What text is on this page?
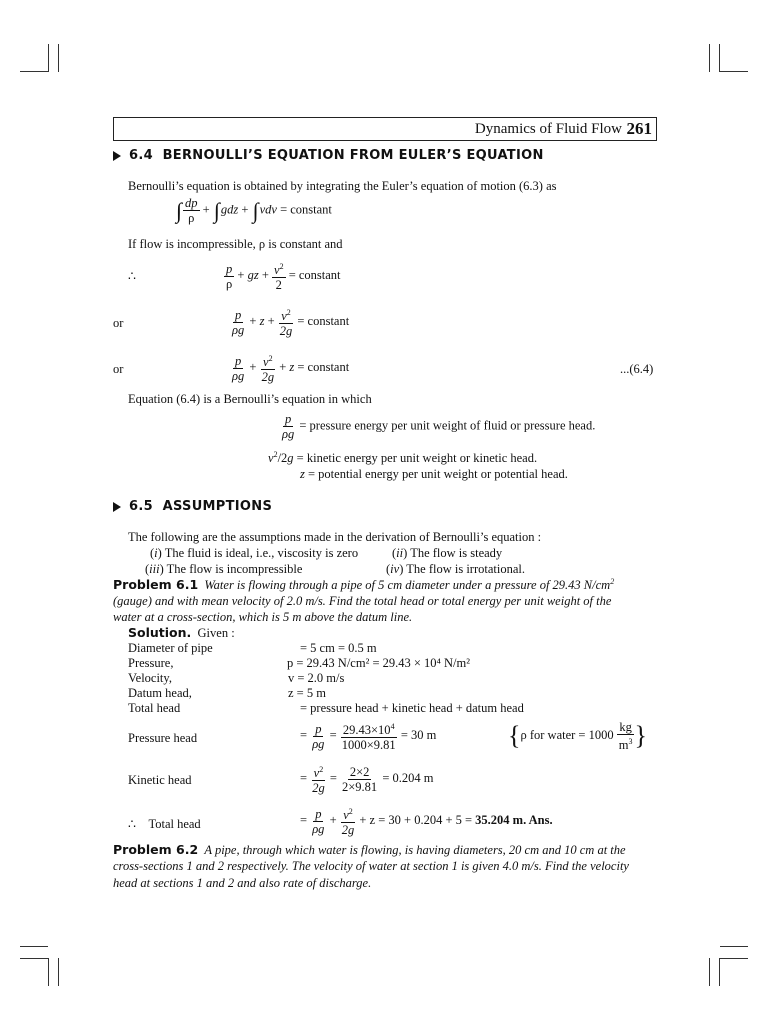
Dynamics of Fluid Flow 261
6.4 BERNOULLI’S EQUATION FROM EULER’S EQUATION
Bernoulli’s equation is obtained by integrating the Euler’s equation of motion (6.3) as
∫ $\frac{dp}{\rho} + \int gdz + \int vdv$ = constant
If flow is incompressible, ρ is constant and
∴	$\frac{p}{\rho}$ + gz + $\frac{v^2}{2}$ = constant
or	$\frac{p}{\rho g} + z + \frac{v^2}{2g}$ = constant
or	$\frac{p}{\rho g} + \frac{v^2}{2g} + z$ = constant	...(6.4)
Equation (6.4) is a Bernoulli’s equation in which
$\frac{p}{\rho g}$ = pressure energy per unit weight of fluid or pressure head.
$v^2/2g$ = kinetic energy per unit weight or kinetic head.
z = potential energy per unit weight or potential head.
6.5 ASSUMPTIONS
The following are the assumptions made in the derivation of Bernoulli’s equation :
(i) The fluid is ideal, i.e., viscosity is zero	(ii) The flow is steady
(iii) The flow is incompressible	(iv) The flow is irrotational.
Problem 6.1 Water is flowing through a pipe of 5 cm diameter under a pressure of 29.43 $N/cm^2$
(gauge) and with mean velocity of 2.0 m/s. Find the total head or total energy per unit weight of the
water at a cross-section, which is 5 m above the datum line.
Solution. Given :
Diameter of pipe	= 5 cm = 0.5 m
Pressure,	p = 29.43 N/cm² = 29.43 × 10⁴ N/m²
Velocity,	v = 2.0 m/s
Datum head,	z = 5 m
Total head	= pressure head + kinetic head + datum head
Pressure head	= $\frac{p}{\rho g} = \frac{29.43\times 10^4}{1000\times 9.81} = 30$ m	{ρ for water = $1000 \frac{kg}{m^3}$ }
Kinetic head	= $\frac{v^2}{2g} = \frac{2\times 2}{2\times 9.81} = 0.204$ m
∴    Total head	= $\frac{p}{\rho g} + \frac{v^2}{2g} + z = 30 + 0.204 + 5 = 35.204$ m. Ans.
Problem 6.2 A pipe, through which water is flowing, is having diameters, 20 cm and 10 cm at the
cross-sections 1 and 2 respectively. The velocity of water at section 1 is given 4.0 m/s. Find the velocity
head at sections 1 and 2 and also rate of discharge.
